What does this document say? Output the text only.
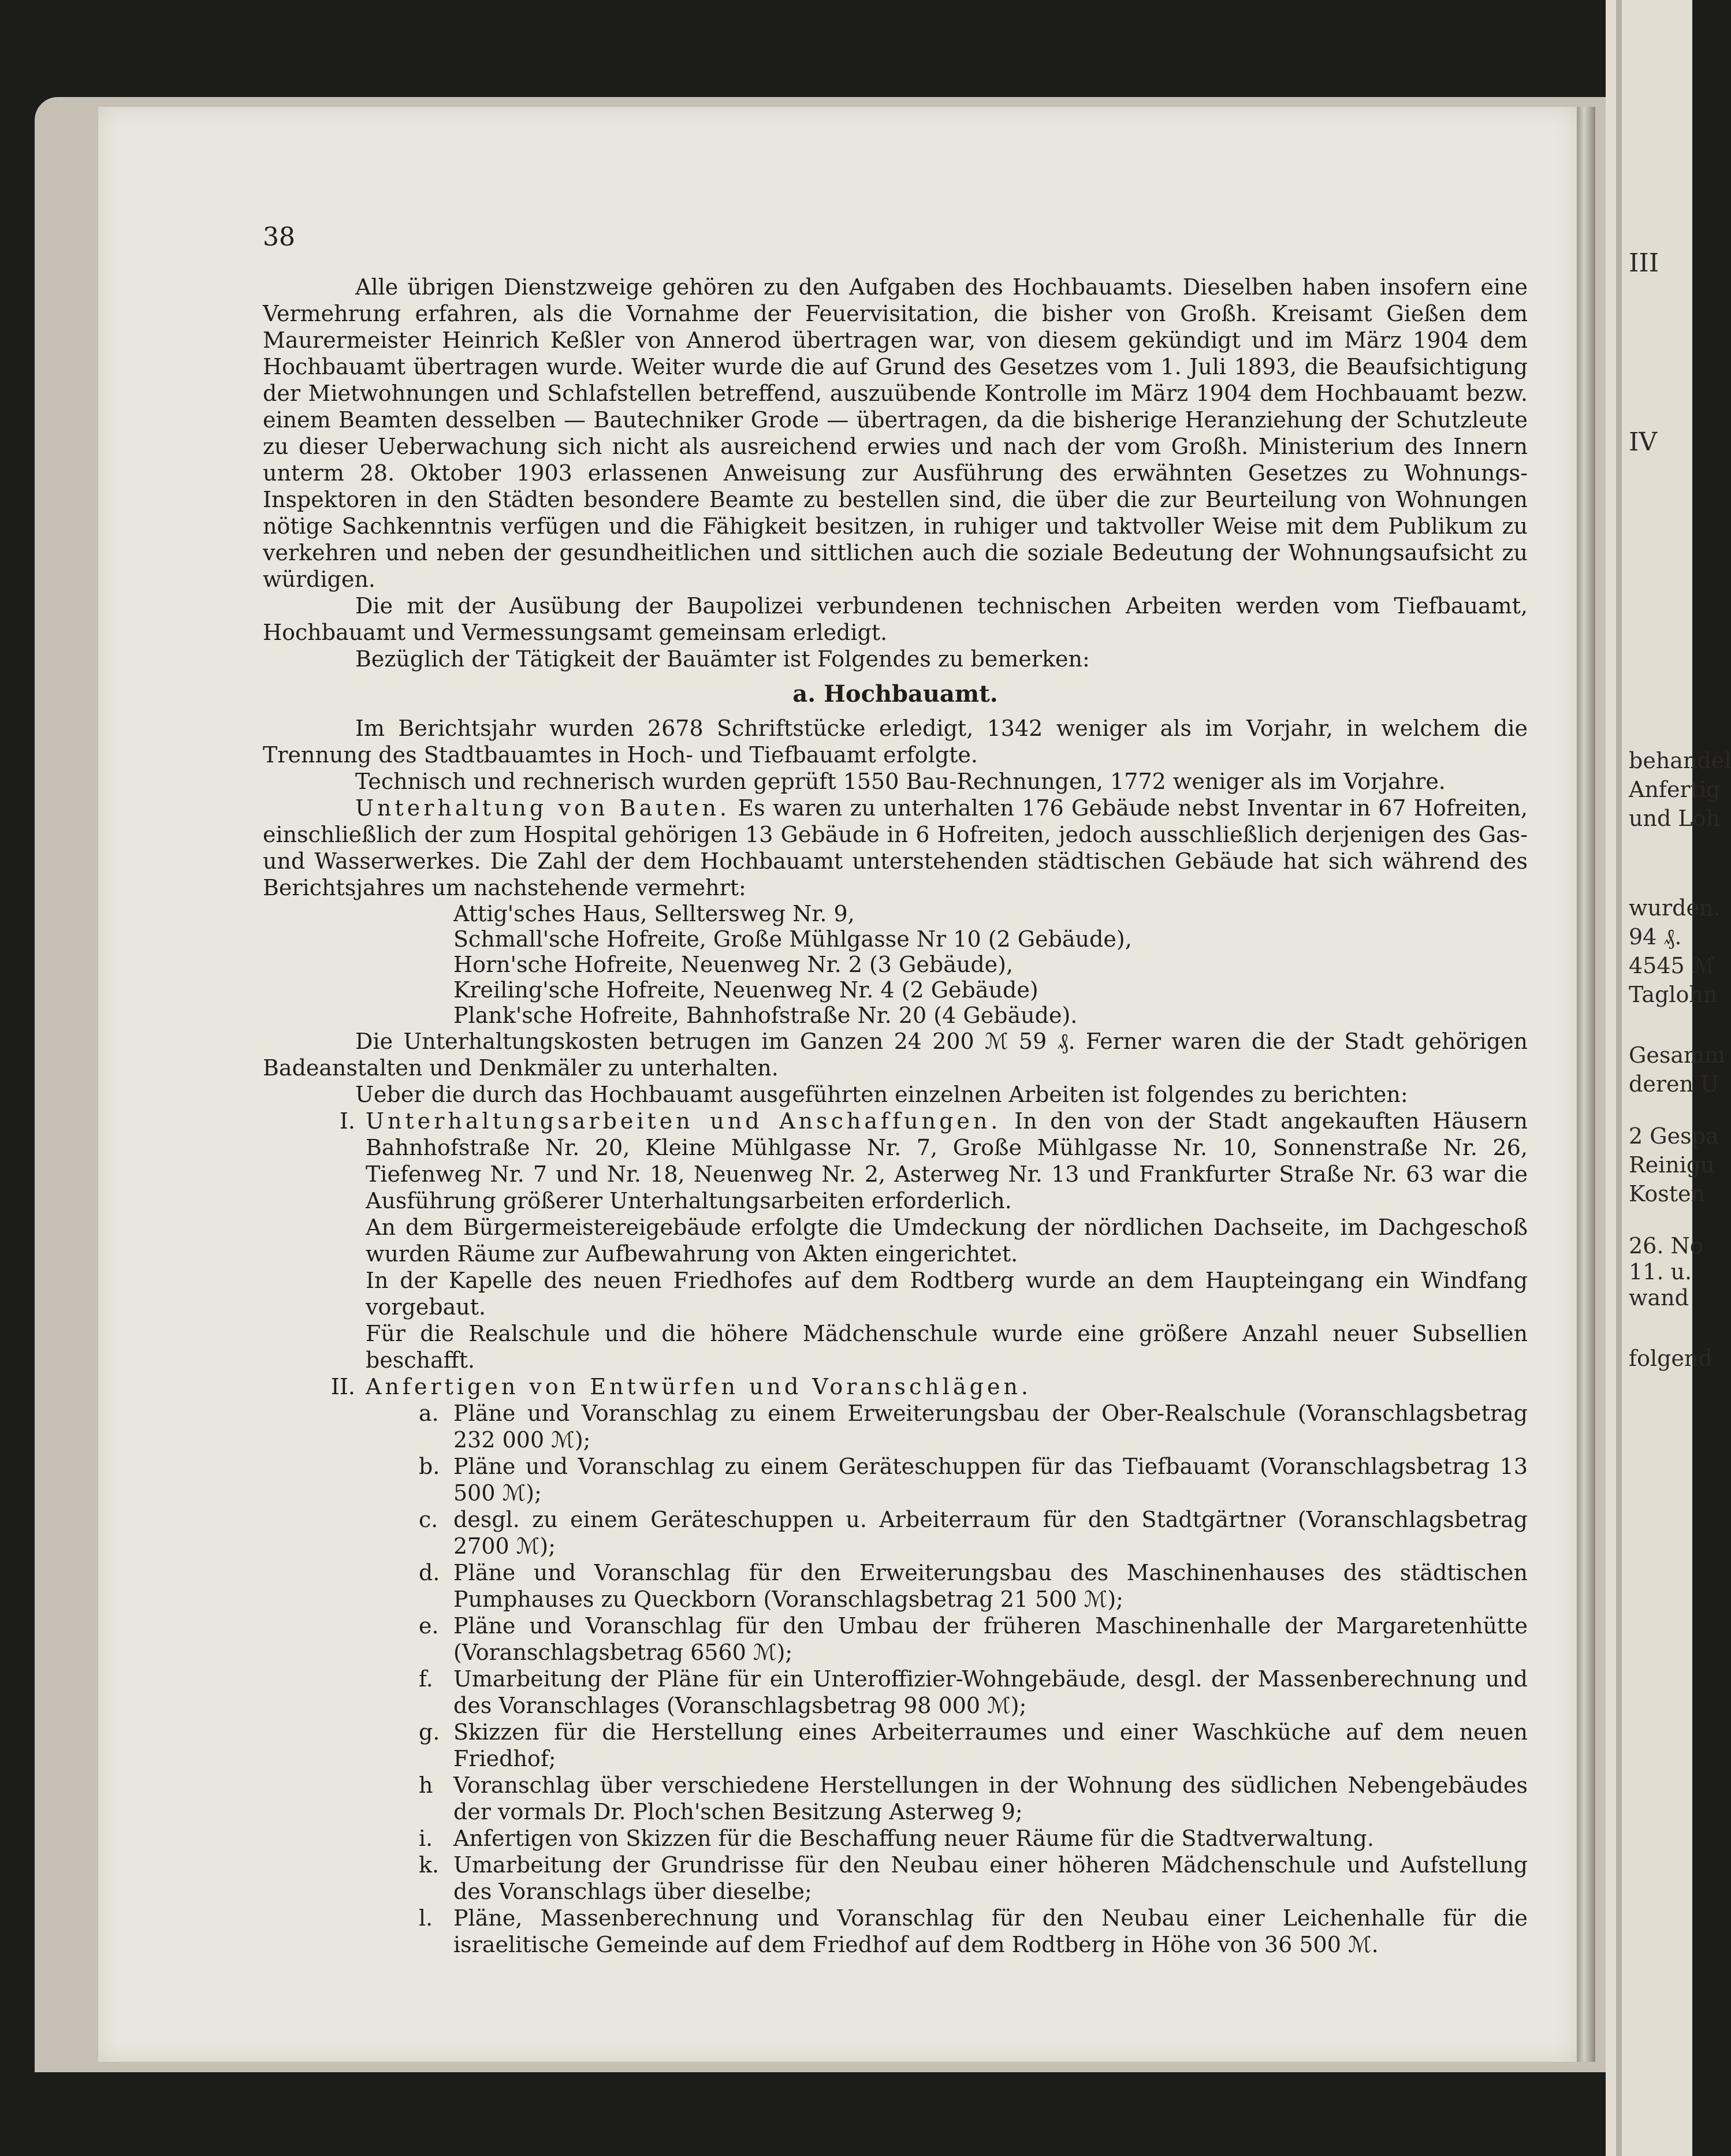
III
IV
behandel
Anfertig
und Loh
wurden.
94 ₰.
4545 ℳ
Taglohn
Gesamm
deren U
2 Gespa
Reinigu
Kosten
26. No
11. u.
wand
folgend
38

Alle übrigen Dienstzweige gehören zu den Aufgaben des Hochbauamts. Dieselben haben insofern eine Vermehrung erfahren, als die Vornahme der Feuervisitation, die bisher von Großh. Kreisamt Gießen dem Maurermeister Heinrich Keßler von Annerod übertragen war, von diesem gekündigt und im März 1904 dem Hochbauamt übertragen wurde. Weiter wurde die auf Grund des Gesetzes vom 1. Juli 1893, die Beaufsichtigung der Mietwohnungen und Schlafstellen betreffend, auszuübende Kontrolle im März 1904 dem Hochbauamt bezw. einem Beamten desselben — Bautechniker Grode — übertragen, da die bisherige Heranziehung der Schutzleute zu dieser Ueberwachung sich nicht als ausreichend erwies und nach der vom Großh. Ministerium des Innern unterm 28. Oktober 1903 erlassenen Anweisung zur Ausführung des erwähnten Gesetzes zu Wohnungs-Inspektoren in den Städten besondere Beamte zu bestellen sind, die über die zur Beurteilung von Wohnungen nötige Sachkenntnis verfügen und die Fähigkeit besitzen, in ruhiger und taktvoller Weise mit dem Publikum zu verkehren und neben der gesundheitlichen und sittlichen auch die soziale Bedeutung der Wohnungsaufsicht zu würdigen.

Die mit der Ausübung der Baupolizei verbundenen technischen Arbeiten werden vom Tiefbauamt, Hochbauamt und Vermessungsamt gemeinsam erledigt.

Bezüglich der Tätigkeit der Bauämter ist Folgendes zu bemerken:

a. Hochbauamt.

Im Berichtsjahr wurden 2678 Schriftstücke erledigt, 1342 weniger als im Vorjahr, in welchem die Trennung des Stadtbauamtes in Hoch- und Tiefbauamt erfolgte.

Technisch und rechnerisch wurden geprüft 1550 Bau-Rechnungen, 1772 weniger als im Vorjahre.

Unterhaltung von Bauten. Es waren zu unterhalten 176 Gebäude nebst Inventar in 67 Hofreiten, einschließlich der zum Hospital gehörigen 13 Gebäude in 6 Hofreiten, jedoch ausschließlich derjenigen des Gas- und Wasserwerkes. Die Zahl der dem Hochbauamt unterstehenden städtischen Gebäude hat sich während des Berichtsjahres um nachstehende vermehrt:

Attig'sches Haus, Selltersweg Nr. 9,
Schmall'sche Hofreite, Große Mühlgasse Nr 10 (2 Gebäude),
Horn'sche Hofreite, Neuenweg Nr. 2 (3 Gebäude),
Kreiling'sche Hofreite, Neuenweg Nr. 4 (2 Gebäude)
Plank'sche Hofreite, Bahnhofstraße Nr. 20 (4 Gebäude).

Die Unterhaltungskosten betrugen im Ganzen 24 200 ℳ 59 ₰. Ferner waren die der Stadt gehörigen Badeanstalten und Denkmäler zu unterhalten.

Ueber die durch das Hochbauamt ausgeführten einzelnen Arbeiten ist folgendes zu berichten:

I. Unterhaltungsarbeiten und Anschaffungen. In den von der Stadt angekauften Häusern Bahnhofstraße Nr. 20, Kleine Mühlgasse Nr. 7, Große Mühlgasse Nr. 10, Sonnenstraße Nr. 26, Tiefenweg Nr. 7 und Nr. 18, Neuenweg Nr. 2, Asterweg Nr. 13 und Frankfurter Straße Nr. 63 war die Ausführung größerer Unterhaltungsarbeiten erforderlich.

An dem Bürgermeistereigebäude erfolgte die Umdeckung der nördlichen Dachseite, im Dachgeschoß wurden Räume zur Aufbewahrung von Akten eingerichtet.

In der Kapelle des neuen Friedhofes auf dem Rodtberg wurde an dem Haupteingang ein Windfang vorgebaut.

Für die Realschule und die höhere Mädchenschule wurde eine größere Anzahl neuer Subsellien beschafft.

II. Anfertigen von Entwürfen und Voranschlägen.
a. Pläne und Voranschlag zu einem Erweiterungsbau der Ober-Realschule (Voranschlagsbetrag 232 000 ℳ);
b. Pläne und Voranschlag zu einem Geräteschuppen für das Tiefbauamt (Voranschlagsbetrag 13 500 ℳ);
c. desgl. zu einem Geräteschuppen u. Arbeiterraum für den Stadtgärtner (Voranschlagsbetrag 2700 ℳ);
d. Pläne und Voranschlag für den Erweiterungsbau des Maschinenhauses des städtischen Pumphauses zu Queckborn (Voranschlagsbetrag 21 500 ℳ);
e. Pläne und Voranschlag für den Umbau der früheren Maschinenhalle der Margaretenhütte (Voranschlagsbetrag 6560 ℳ);
f. Umarbeitung der Pläne für ein Unteroffizier-Wohngebäude, desgl. der Massenberechnung und des Voranschlages (Voranschlagsbetrag 98 000 ℳ);
g. Skizzen für die Herstellung eines Arbeiterraumes und einer Waschküche auf dem neuen Friedhof;
h Voranschlag über verschiedene Herstellungen in der Wohnung des südlichen Nebengebäudes der vormals Dr. Ploch'schen Besitzung Asterweg 9;
i. Anfertigen von Skizzen für die Beschaffung neuer Räume für die Stadtverwaltung.
k. Umarbeitung der Grundrisse für den Neubau einer höheren Mädchenschule und Aufstellung des Voranschlags über dieselbe;
l. Pläne, Massenberechnung und Voranschlag für den Neubau einer Leichenhalle für die israelitische Gemeinde auf dem Friedhof auf dem Rodtberg in Höhe von 36 500 ℳ.
